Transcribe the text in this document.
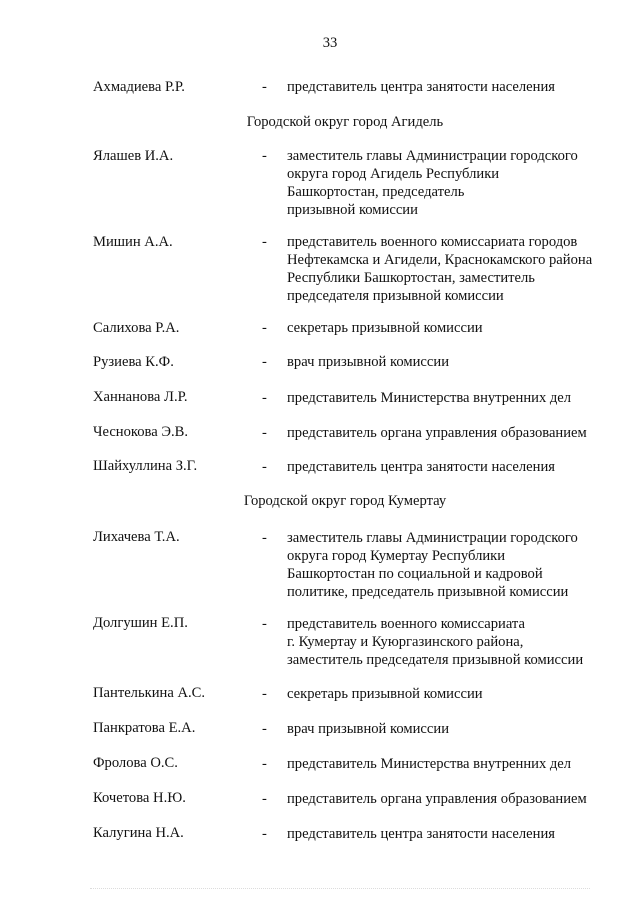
33
Ахмадиева Р.Р.	- представитель центра занятости населения
Городской округ город Агидель
Ялашев И.А.	- заместитель главы Администрации городского
округа город Агидель Республики
Башкортостан, председатель
призывной комиссии
Мишин А.А.	- представитель военного комиссариата городов
Нефтекамска и Агидели, Краснокамского района
Республики Башкортостан, заместитель
председателя призывной комиссии
Салихова Р.А.	- секретарь призывной комиссии
Рузиева К.Ф.	- врач призывной комиссии
Ханнанова Л.Р.	- представитель Министерства внутренних дел
Чеснокова Э.В.	- представитель органа управления образованием
Шайхуллина З.Г.	- представитель центра занятости населения
Городской округ город Кумертау
Лихачева Т.А.	- заместитель главы Администрации городского
округа город Кумертау Республики
Башкортостан по социальной и кадровой
политике, председатель призывной комиссии
Долгушин Е.П.	- представитель военного комиссариата
г. Кумертау и Куюргазинского района,
заместитель председателя призывной комиссии
Пантелькина А.С.	- секретарь призывной комиссии
Панкратова Е.А.	- врач призывной комиссии
Фролова О.С.	- представитель Министерства внутренних дел
Кочетова Н.Ю.	- представитель органа управления образованием
Калугина Н.А.	- представитель центра занятости населения
